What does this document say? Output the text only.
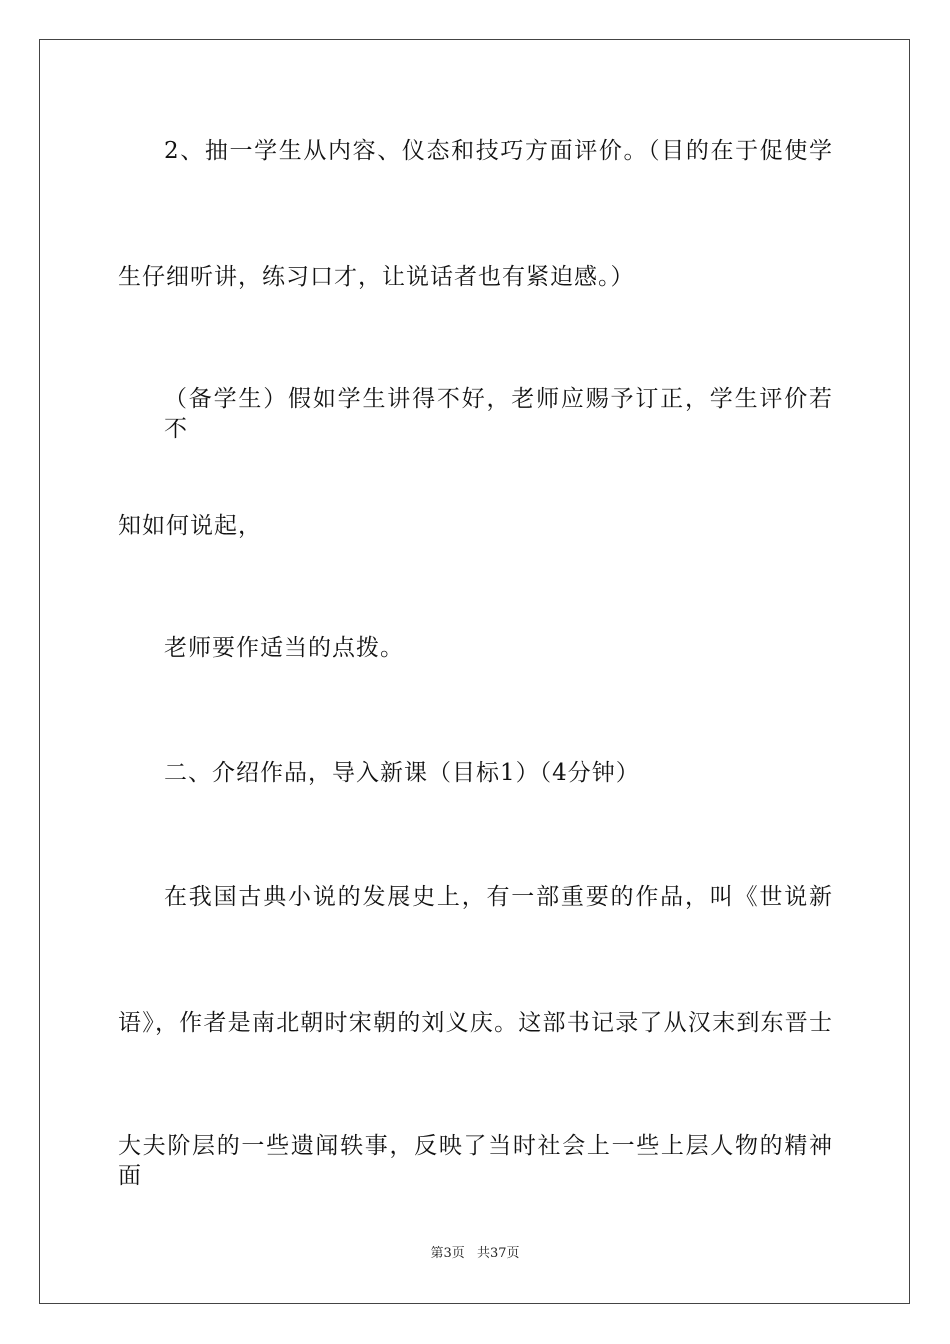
2、抽一学生从内容、仪态和技巧方面评价。（目的在于促使学
生仔细听讲，练习口才，让说话者也有紧迫感。）
（备学生）假如学生讲得不好，老师应赐予订正，学生评价若不
知如何说起，
老师要作适当的点拨。
二、介绍作品，导入新课（目标1）（4分钟）
在我国古典小说的发展史上，有一部重要的作品，叫《世说新
语》，作者是南北朝时宋朝的刘义庆。这部书记录了从汉末到东晋士
大夫阶层的一些遗闻轶事，反映了当时社会上一些上层人物的精神面
第3页 共37页
